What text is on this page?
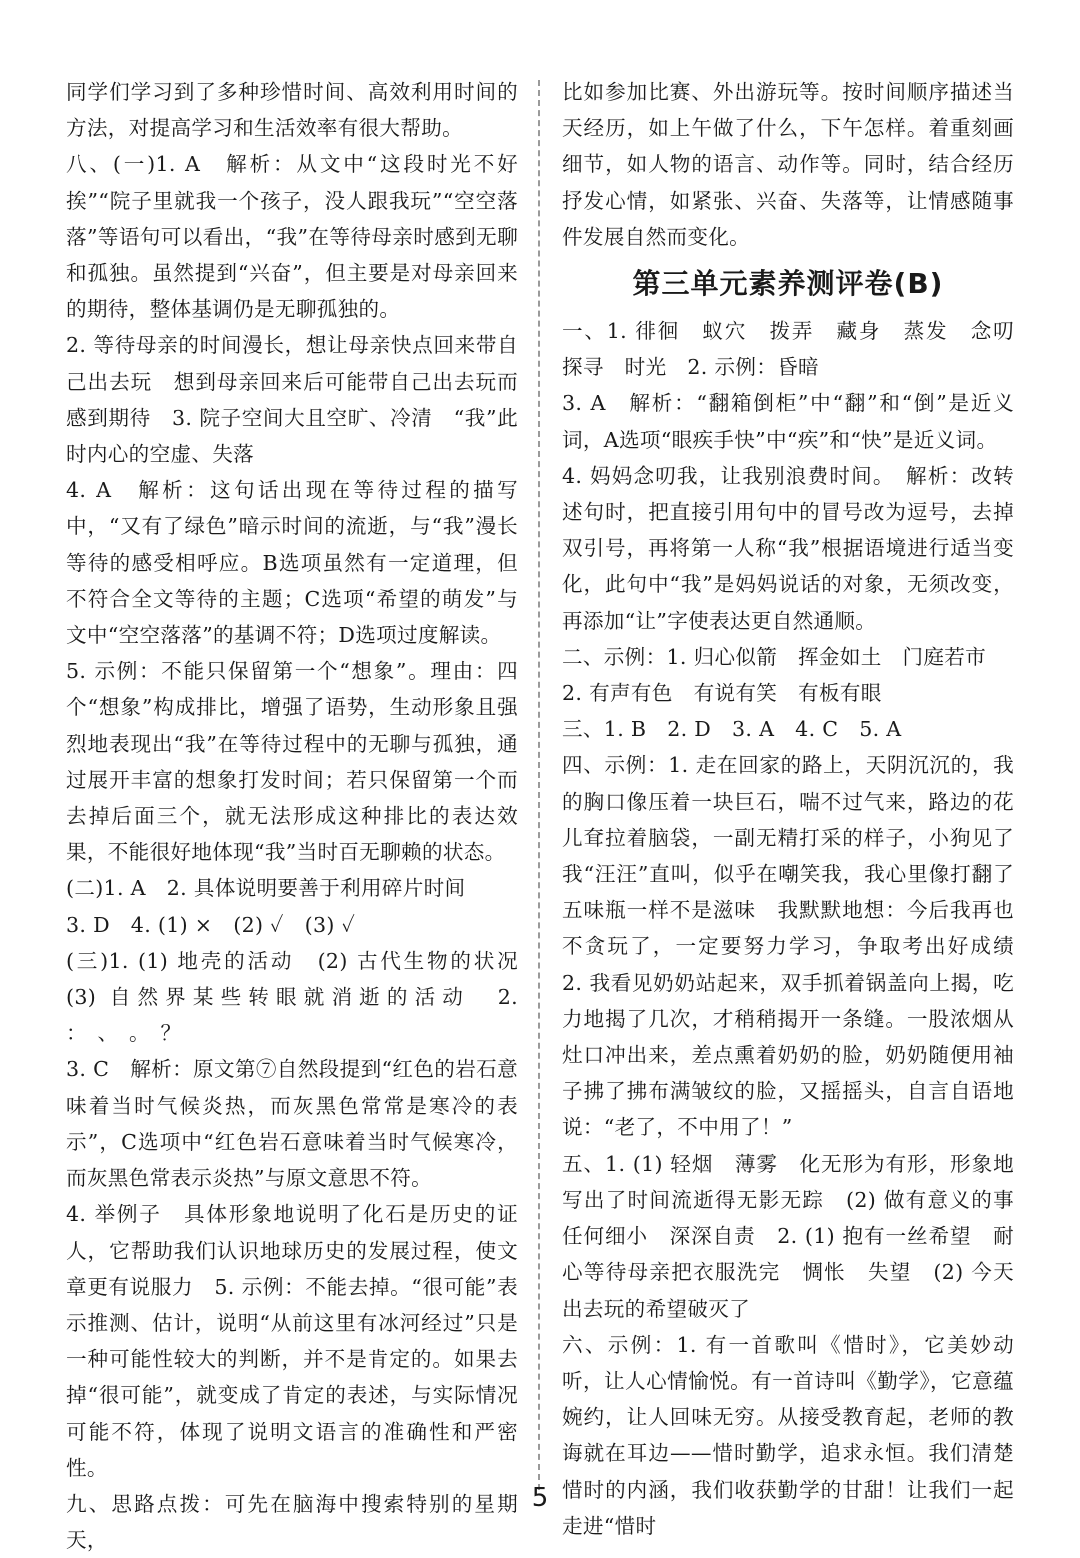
同学们学习到了多种珍惜时间、高效利用时间的方法，对提高学习和生活效率有很大帮助。

八、(一)1. A　解析：从文中“这段时光不好挨”“院子里就我一个孩子，没人跟我玩”“空空落落”等语句可以看出，“我”在等待母亲时感到无聊和孤独。虽然提到“兴奋”，但主要是对母亲回来的期待，整体基调仍是无聊孤独的。

2. 等待母亲的时间漫长，想让母亲快点回来带自己出去玩　想到母亲回来后可能带自己出去玩而感到期待　3. 院子空间大且空旷、冷清　“我”此时内心的空虚、失落

4. A　解析：这句话出现在等待过程的描写中，“又有了绿色”暗示时间的流逝，与“我”漫长等待的感受相呼应。B选项虽然有一定道理，但不符合全文等待的主题；C选项“希望的萌发”与文中“空空落落”的基调不符；D选项过度解读。

5. 示例：不能只保留第一个“想象”。理由：四个“想象”构成排比，增强了语势，生动形象且强烈地表现出“我”在等待过程中的无聊与孤独，通过展开丰富的想象打发时间；若只保留第一个而去掉后面三个，就无法形成这种排比的表达效果，不能很好地体现“我”当时百无聊赖的状态。

(二)1. A　2. 具体说明要善于利用碎片时间

3. D　4. (1) ×　(2) ✓　(3) ✓

(三)1. (1) 地壳的活动　(2) 古代生物的状况　(3) 自然界某些转眼就消逝的活动　2. ：　、　。　？

3. C　解析：原文第⑦自然段提到“红色的岩石意味着当时气候炎热，而灰黑色常常是寒冷的表示”，C选项中“红色岩石意味着当时气候寒冷，而灰黑色常表示炎热”与原文意思不符。

4. 举例子　具体形象地说明了化石是历史的证人，它帮助我们认识地球历史的发展过程，使文章更有说服力　5. 示例：不能去掉。“很可能”表示推测、估计，说明“从前这里有冰河经过”只是一种可能性较大的判断，并不是肯定的。如果去掉“很可能”，就变成了肯定的表述，与实际情况可能不符，体现了说明文语言的准确性和严密性。

九、思路点拨：可先在脑海中搜索特别的星期天，

比如参加比赛、外出游玩等。按时间顺序描述当天经历，如上午做了什么，下午怎样。着重刻画细节，如人物的语言、动作等。同时，结合经历抒发心情，如紧张、兴奋、失落等，让情感随事件发展自然而变化。

第三单元素养测评卷(B)

一、1. 徘徊　蚁穴　拨弄　藏身　蒸发　念叨　探寻　时光　2. 示例：昏暗

3. A　解析：“翻箱倒柜”中“翻”和“倒”是近义词，A选项“眼疾手快”中“疾”和“快”是近义词。

4. 妈妈念叨我，让我别浪费时间。　解析：改转述句时，把直接引用句中的冒号改为逗号，去掉双引号，再将第一人称“我”根据语境进行适当变化，此句中“我”是妈妈说话的对象，无须改变，再添加“让”字使表达更自然通顺。

二、示例：1. 归心似箭　挥金如土　门庭若市

2. 有声有色　有说有笑　有板有眼

三、1. B　2. D　3. A　4. C　5. A

四、示例：1. 走在回家的路上，天阴沉沉的，我的胸口像压着一块巨石，喘不过气来，路边的花儿耷拉着脑袋，一副无精打采的样子，小狗见了我“汪汪”直叫，似乎在嘲笑我，我心里像打翻了五味瓶一样不是滋味　我默默地想：今后我再也不贪玩了，一定要努力学习，争取考出好成绩　2. 我看见奶奶站起来，双手抓着锅盖向上揭，吃力地揭了几次，才稍稍揭开一条缝。一股浓烟从灶口冲出来，差点熏着奶奶的脸，奶奶随便用袖子拂了拂布满皱纹的脸，又摇摇头，自言自语地说：“老了，不中用了！”

五、1. (1) 轻烟　薄雾　化无形为有形，形象地写出了时间流逝得无影无踪　(2) 做有意义的事　任何细小　深深自责　2. (1) 抱有一丝希望　耐心等待母亲把衣服洗完　惆怅　失望　(2) 今天出去玩的希望破灭了

六、示例：1. 有一首歌叫《惜时》，它美妙动听，让人心情愉悦。有一首诗叫《勤学》，它意蕴婉约，让人回味无穷。从接受教育起，老师的教诲就在耳边——惜时勤学，追求永恒。我们清楚惜时的内涵，我们收获勤学的甘甜！让我们一起走进“惜时

5
